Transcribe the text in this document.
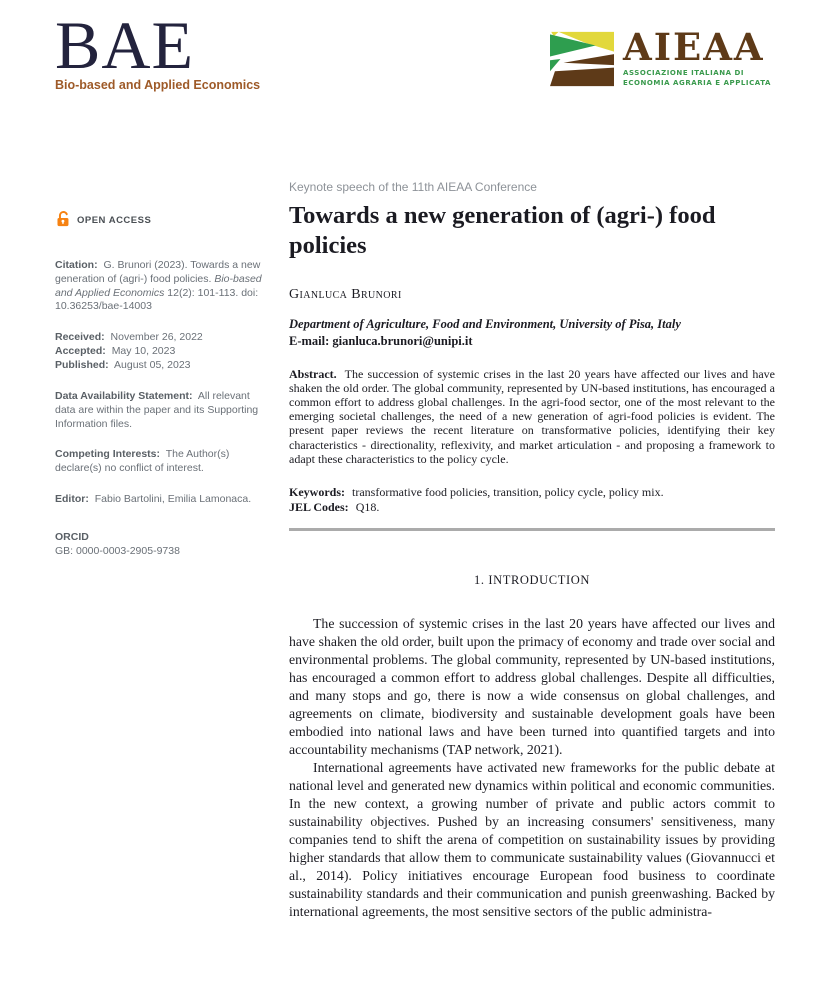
BAE
Bio-based and Applied Economics
AIEAA
ASSOCIAZIONE ITALIANA DI
ECONOMIA AGRARIA E APPLICATA
OPEN ACCESS
Citation: G. Brunori (2023). Towards a new generation of (agri-) food policies. Bio-based and Applied Economics 12(2): 101-113. doi: 10.36253/bae-14003
Received: November 26, 2022
Accepted: May 10, 2023
Published: August 05, 2023
Data Availability Statement: All relevant data are within the paper and its Supporting Information files.
Competing Interests: The Author(s) declare(s) no conflict of interest.
Editor: Fabio Bartolini, Emilia Lamonaca.
ORCID
GB: 0000-0003-2905-9738
Keynote speech of the 11th AIEAA Conference
Towards a new generation of (agri-) food policies
Gianluca Brunori
Department of Agriculture, Food and Environment, University of Pisa, Italy
E-mail: gianluca.brunori@unipi.it
Abstract. The succession of systemic crises in the last 20 years have affected our lives and have shaken the old order. The global community, represented by UN-based institutions, has encouraged a common effort to address global challenges. In the agri-food sector, one of the most relevant to the emerging societal challenges, the need of a new generation of agri-food policies is evident. The present paper reviews the recent literature on transformative policies, identifying their key characteristics - directionality, reflexivity, and market articulation - and proposing a framework to adapt these characteristics to the policy cycle.
Keywords: transformative food policies, transition, policy cycle, policy mix.
JEL Codes: Q18.
1. INTRODUCTION

The succession of systemic crises in the last 20 years have affected our lives and have shaken the old order, built upon the primacy of economy and trade over social and environmental problems. The global community, represented by UN-based institutions, has encouraged a common effort to address global challenges. Despite all difficulties, and many stops and go, there is now a wide consensus on global challenges, and agreements on climate, biodiversity and sustainable development goals have been embodied into national laws and have been turned into quantified targets and into accountability mechanisms (TAP network, 2021).

International agreements have activated new frameworks for the public debate at national level and generated new dynamics within political and economic communities. In the new context, a growing number of private and public actors commit to sustainability objectives. Pushed by an increasing consumers' sensitiveness, many companies tend to shift the arena of competition on sustainability issues by providing higher standards that allow them to communicate sustainability values (Giovannucci et al., 2014). Policy initiatives encourage European food business to coordinate sustainability standards and their communication and punish greenwashing. Backed by international agreements, the most sensitive sectors of the public administra-
